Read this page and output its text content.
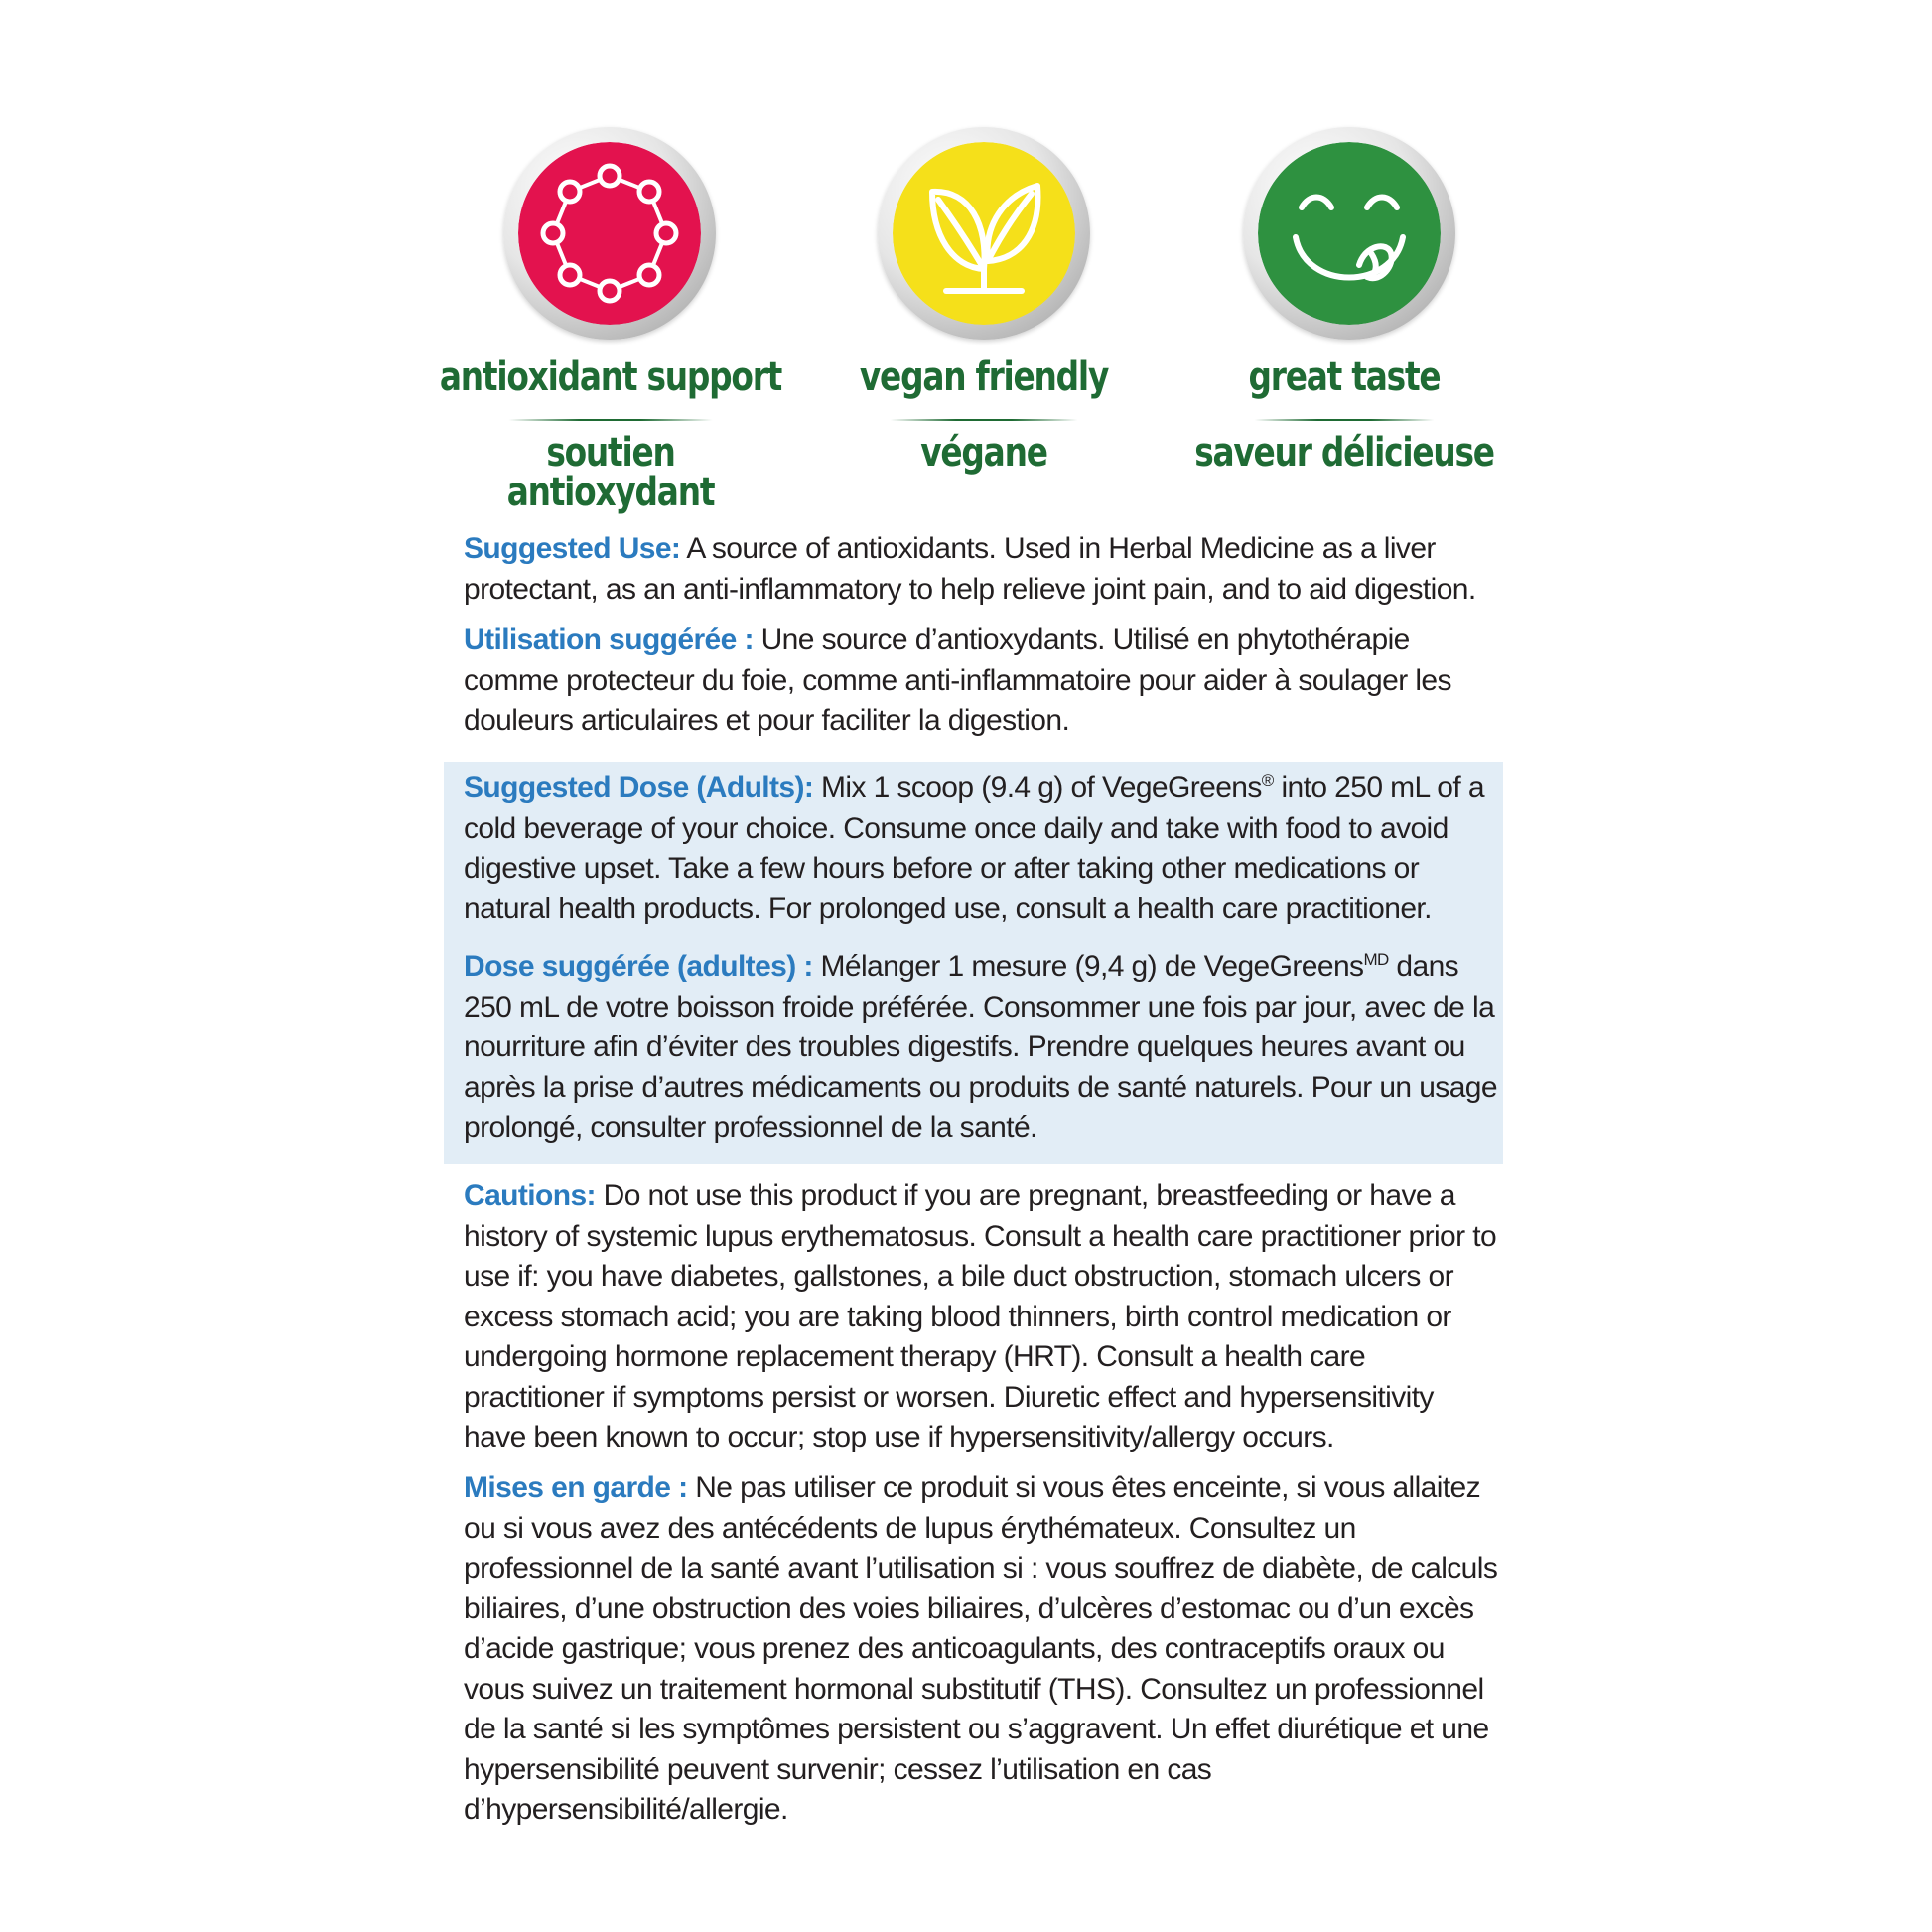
antioxidant support
soutien antioxydant
vegan friendly
végane
great taste
saveur délicieuse

Suggested Use: A source of antioxidants. Used in Herbal Medicine as a liver protectant, as an anti-inflammatory to help relieve joint pain, and to aid digestion.

Utilisation suggérée : Une source d’antioxydants. Utilisé en phytothérapie comme protecteur du foie, comme anti-inflammatoire pour aider à soulager les douleurs articulaires et pour faciliter la digestion.

Suggested Dose (Adults): Mix 1 scoop (9.4 g) of VegeGreens® into 250 mL of a cold beverage of your choice. Consume once daily and take with food to avoid digestive upset. Take a few hours before or after taking other medications or natural health products. For prolonged use, consult a health care practitioner.

Dose suggérée (adultes) : Mélanger 1 mesure (9,4 g) de VegeGreens$^{MD}$ dans 250 mL de votre boisson froide préférée. Consommer une fois par jour, avec de la nourriture afin d’éviter des troubles digestifs. Prendre quelques heures avant ou après la prise d’autres médicaments ou produits de santé naturels. Pour un usage prolongé, consulter professionnel de la santé.

Cautions: Do not use this product if you are pregnant, breastfeeding or have a history of systemic lupus erythematosus. Consult a health care practitioner prior to use if: you have diabetes, gallstones, a bile duct obstruction, stomach ulcers or excess stomach acid; you are taking blood thinners, birth control medication or undergoing hormone replacement therapy (HRT). Consult a health care practitioner if symptoms persist or worsen. Diuretic effect and hypersensitivity have been known to occur; stop use if hypersensitivity/allergy occurs.

Mises en garde : Ne pas utiliser ce produit si vous êtes enceinte, si vous allaitez ou si vous avez des antécédents de lupus érythémateux. Consultez un professionnel de la santé avant l’utilisation si : vous souffrez de diabète, de calculs biliaires, d’une obstruction des voies biliaires, d’ulcères d’estomac ou d’un excès d’acide gastrique; vous prenez des anticoagulants, des contraceptifs oraux ou vous suivez un traitement hormonal substitutif (THS). Consultez un professionnel de la santé si les symptômes persistent ou s’aggravent. Un effet diurétique et une hypersensibilité peuvent survenir; cessez l’utilisation en cas d’hypersensibilité/allergie.
